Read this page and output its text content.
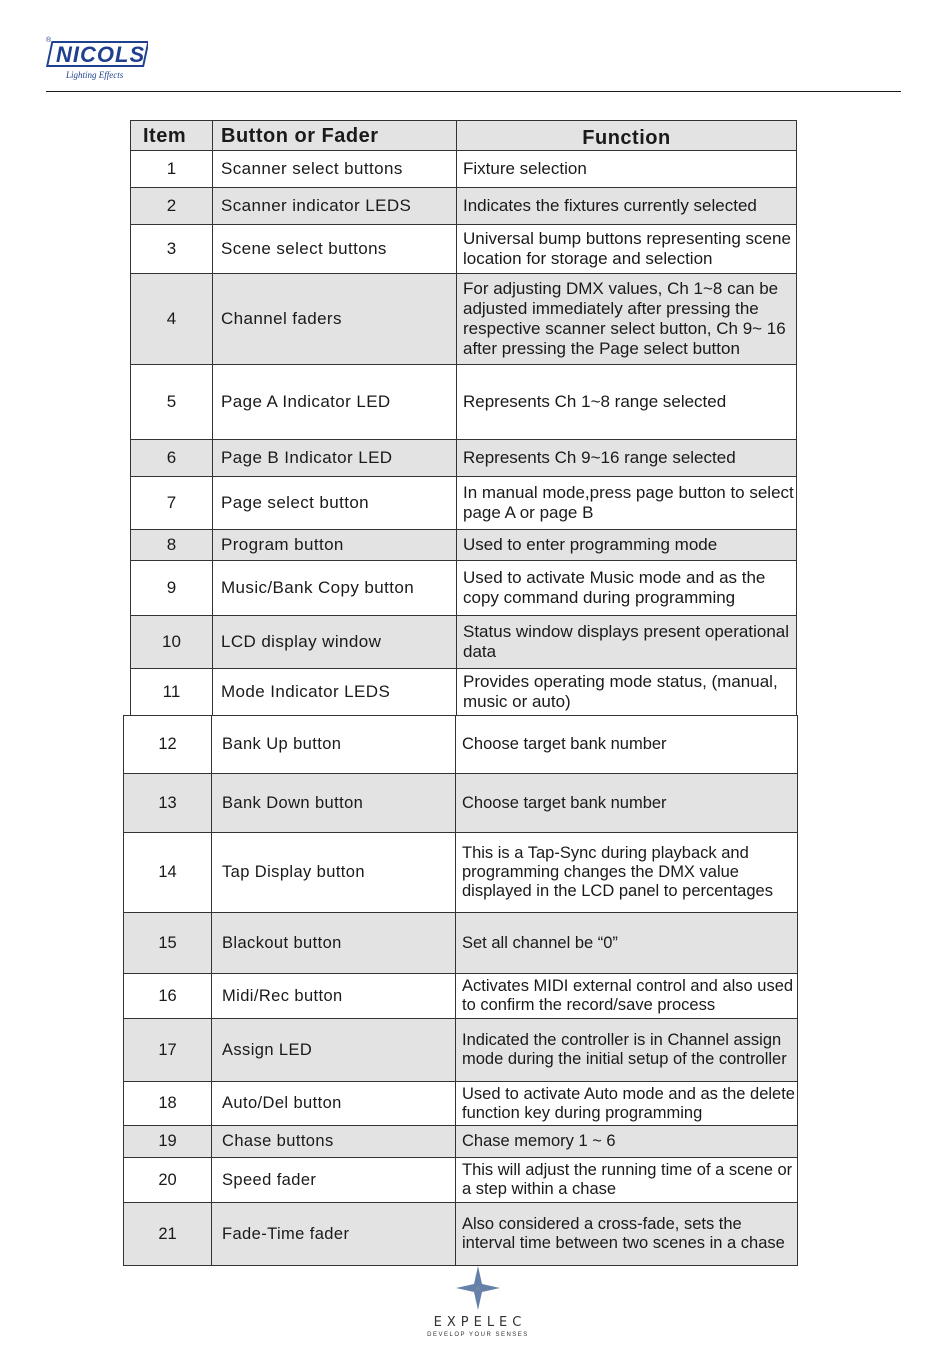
®
NICOLS
Lighting Effects
Item	Button or Fader	Function
1	Scanner select buttons	Fixture selection
2	Scanner indicator LEDS	Indicates the fixtures currently selected
3	Scene select buttons	Universal bump buttons representing scene location for storage and selection
4	Channel faders	For adjusting DMX values, Ch 1~8 can be adjusted immediately after pressing the respective scanner select button, Ch 9~ 16 after pressing the Page select button
5	Page A Indicator LED	Represents Ch 1~8 range selected
6	Page B Indicator LED	Represents Ch 9~16 range selected
7	Page select button	In manual mode,press page button to select page A or page B
8	Program button	Used to enter programming mode
9	Music/Bank Copy button	Used to activate Music mode and as the copy command during programming
10	LCD display window	Status window displays present operational data
11	Mode Indicator LEDS	Provides operating mode status, (manual, music or auto)
12	Bank Up button	Choose target bank number
13	Bank Down button	Choose target bank number
14	Tap Display button	This is a Tap-Sync during playback and programming changes the DMX value displayed in the LCD panel to percentages
15	Blackout button	Set all channel be “0”
16	Midi/Rec button	Activates MIDI external control and also used to confirm the record/save process
17	Assign LED	Indicated the controller is in Channel assign mode during the initial setup of the controller
18	Auto/Del button	Used to activate Auto mode and as the delete function key during programming
19	Chase buttons	Chase memory 1 ~ 6
20	Speed fader	This will adjust the running time of a scene or a step within a chase
21	Fade-Time fader	Also considered a cross-fade, sets the interval time between two scenes in a chase
EXPELEC
DEVELOP YOUR SENSES
